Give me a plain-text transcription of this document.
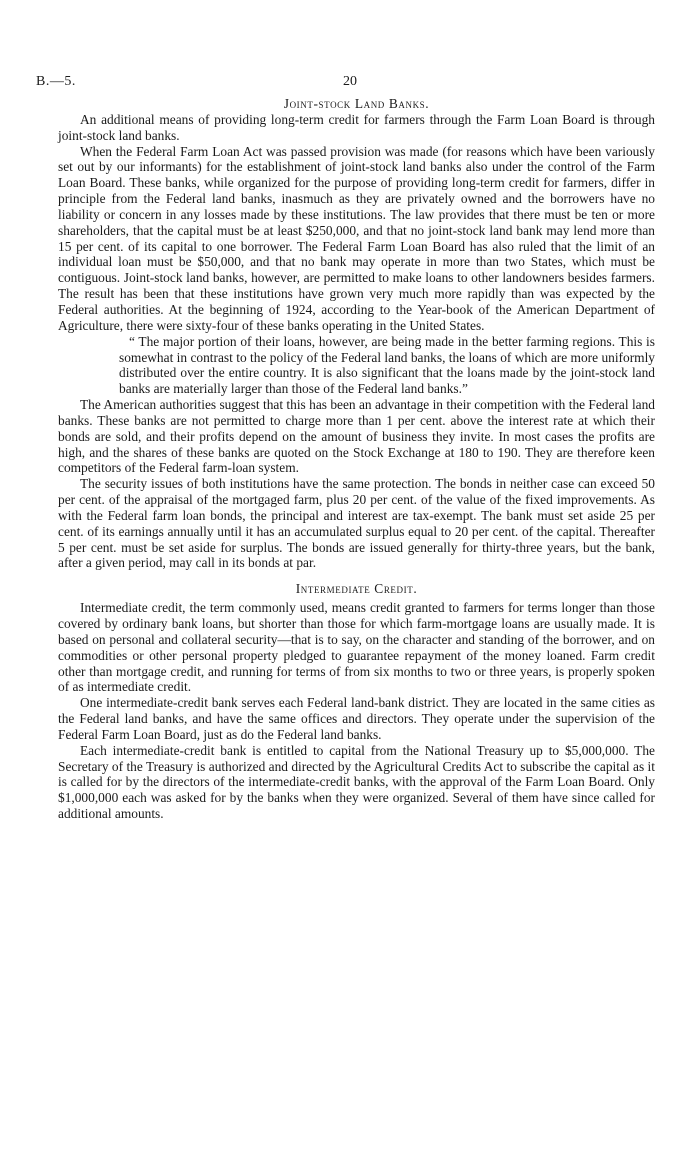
B.—5.	20
Joint-stock Land Banks.

An additional means of providing long-term credit for farmers through the Farm Loan Board is through joint-stock land banks.

When the Federal Farm Loan Act was passed provision was made (for reasons which have been variously set out by our informants) for the establishment of joint-stock land banks also under the control of the Farm Loan Board. These banks, while organized for the purpose of providing long-term credit for farmers, differ in principle from the Federal land banks, inasmuch as they are privately owned and the borrowers have no liability or concern in any losses made by these institutions. The law provides that there must be ten or more shareholders, that the capital must be at least $250,000, and that no joint-stock land bank may lend more than 15 per cent. of its capital to one borrower. The Federal Farm Loan Board has also ruled that the limit of an individual loan must be $50,000, and that no bank may operate in more than two States, which must be contiguous. Joint-stock land banks, however, are permitted to make loans to other landowners besides farmers. The result has been that these institutions have grown very much more rapidly than was expected by the Federal authorities. At the beginning of 1924, according to the Year-book of the American Department of Agriculture, there were sixty-four of these banks operating in the United States.

“ The major portion of their loans, however, are being made in the better farming regions. This is somewhat in contrast to the policy of the Federal land banks, the loans of which are more uniformly distributed over the entire country. It is also significant that the loans made by the joint-stock land banks are materially larger than those of the Federal land banks.”

The American authorities suggest that this has been an advantage in their competition with the Federal land banks. These banks are not permitted to charge more than 1 per cent. above the interest rate at which their bonds are sold, and their profits depend on the amount of business they invite. In most cases the profits are high, and the shares of these banks are quoted on the Stock Exchange at 180 to 190. They are therefore keen competitors of the Federal farm-loan system.

The security issues of both institutions have the same protection. The bonds in neither case can exceed 50 per cent. of the appraisal of the mortgaged farm, plus 20 per cent. of the value of the fixed improvements. As with the Federal farm loan bonds, the principal and interest are tax-exempt. The bank must set aside 25 per cent. of its earnings annually until it has an accumulated surplus equal to 20 per cent. of the capital. Thereafter 5 per cent. must be set aside for surplus. The bonds are issued generally for thirty-three years, but the bank, after a given period, may call in its bonds at par.

Intermediate Credit.

Intermediate credit, the term commonly used, means credit granted to farmers for terms longer than those covered by ordinary bank loans, but shorter than those for which farm-mortgage loans are usually made. It is based on personal and collateral security—that is to say, on the character and standing of the borrower, and on commodities or other personal property pledged to guarantee repayment of the money loaned. Farm credit other than mortgage credit, and running for terms of from six months to two or three years, is properly spoken of as intermediate credit.

One intermediate-credit bank serves each Federal land-bank district. They are located in the same cities as the Federal land banks, and have the same offices and directors. They operate under the supervision of the Federal Farm Loan Board, just as do the Federal land banks.

Each intermediate-credit bank is entitled to capital from the National Treasury up to $5,000,000. The Secretary of the Treasury is authorized and directed by the Agricultural Credits Act to subscribe the capital as it is called for by the directors of the intermediate-credit banks, with the approval of the Farm Loan Board. Only $1,000,000 each was asked for by the banks when they were organized. Several of them have since called for additional amounts.
